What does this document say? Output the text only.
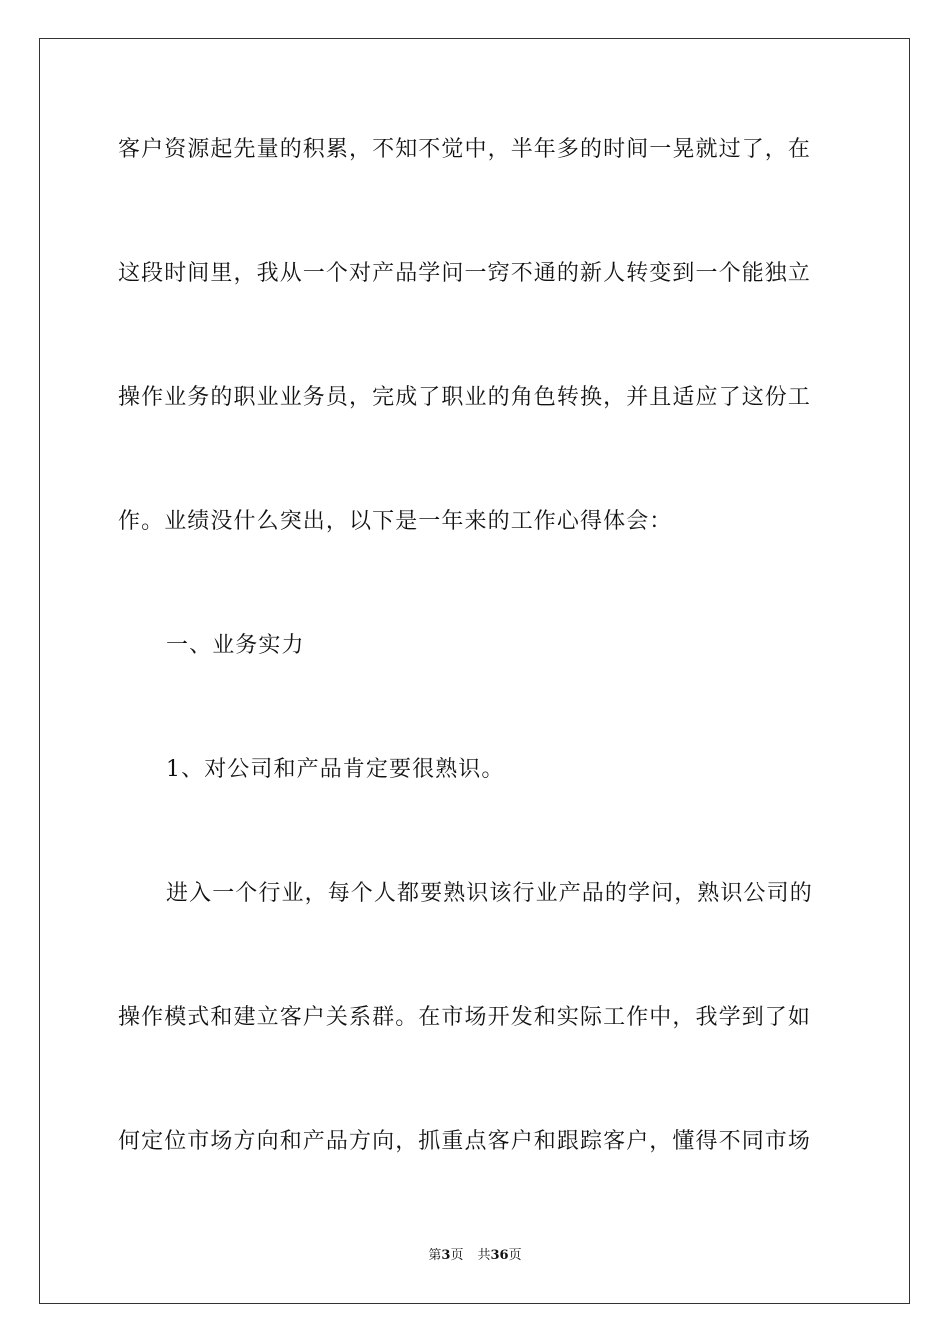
客户资源起先量的积累，不知不觉中，半年多的时间一晃就过了，在
这段时间里，我从一个对产品学问一窍不通的新人转变到一个能独立
操作业务的职业业务员，完成了职业的角色转换，并且适应了这份工
作。业绩没什么突出，以下是一年来的工作心得体会：
一、业务实力
1、对公司和产品肯定要很熟识。
进入一个行业，每个人都要熟识该行业产品的学问，熟识公司的
操作模式和建立客户关系群。在市场开发和实际工作中，我学到了如
何定位市场方向和产品方向，抓重点客户和跟踪客户，懂得不同市场
第3页 共36页
